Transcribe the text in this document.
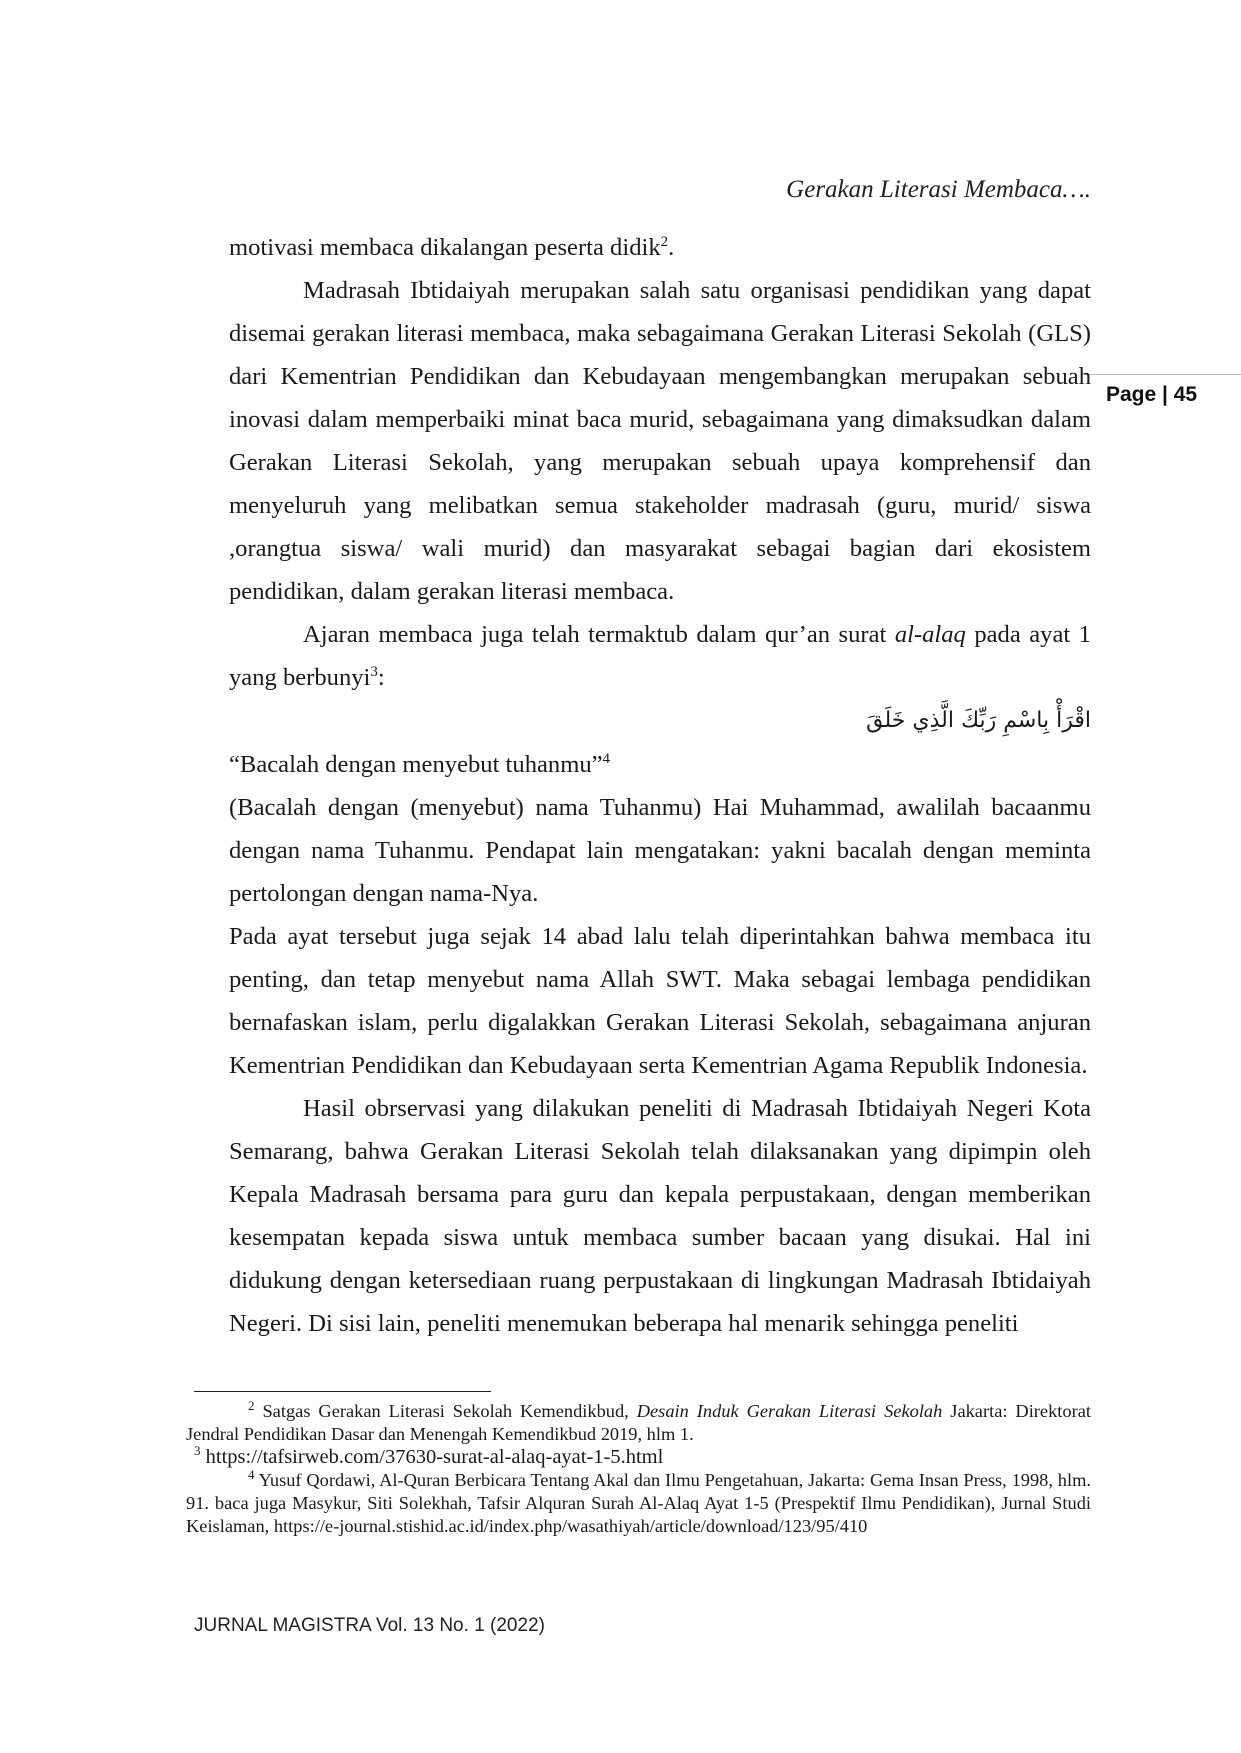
Gerakan Literasi Membaca….
Page | 45

motivasi membaca dikalangan peserta didik$^2$.

Madrasah Ibtidaiyah merupakan salah satu organisasi pendidikan yang dapat disemai gerakan literasi membaca, maka sebagaimana Gerakan Literasi Sekolah (GLS) dari Kementrian Pendidikan dan Kebudayaan mengembangkan merupakan sebuah inovasi dalam memperbaiki minat baca murid, sebagaimana yang dimaksudkan dalam Gerakan Literasi Sekolah, yang merupakan sebuah upaya komprehensif dan menyeluruh yang melibatkan semua stakeholder madrasah (guru, murid/ siswa ,orangtua siswa/ wali murid) dan masyarakat sebagai bagian dari ekosistem pendidikan, dalam gerakan literasi membaca.

Ajaran membaca juga telah termaktub dalam qur’an surat al-alaq pada ayat 1 yang berbunyi$^3$:

اقْرَأْ بِاسْمِ رَبِّكَ الَّذِي خَلَقَ

“Bacalah dengan menyebut tuhanmu”$^4$

(Bacalah dengan (menyebut) nama Tuhanmu) Hai Muhammad, awalilah bacaanmu dengan nama Tuhanmu. Pendapat lain mengatakan: yakni bacalah dengan meminta pertolongan dengan nama-Nya.

Pada ayat tersebut juga sejak 14 abad lalu telah diperintahkan bahwa membaca itu penting, dan tetap menyebut nama Allah SWT. Maka sebagai lembaga pendidikan bernafaskan islam, perlu digalakkan Gerakan Literasi Sekolah, sebagaimana anjuran Kementrian Pendidikan dan Kebudayaan serta Kementrian Agama Republik Indonesia.

Hasil obrservasi yang dilakukan peneliti di Madrasah Ibtidaiyah Negeri Kota Semarang, bahwa Gerakan Literasi Sekolah telah dilaksanakan yang dipimpin oleh Kepala Madrasah bersama para guru dan kepala perpustakaan, dengan memberikan kesempatan kepada siswa untuk membaca sumber bacaan yang disukai. Hal ini didukung dengan ketersediaan ruang perpustakaan di lingkungan Madrasah Ibtidaiyah Negeri. Di sisi lain, peneliti menemukan beberapa hal menarik sehingga peneliti

$^2$ Satgas Gerakan Literasi Sekolah Kemendikbud, Desain Induk Gerakan Literasi Sekolah Jakarta: Direktorat Jendral Pendidikan Dasar dan Menengah Kemendikbud 2019, hlm 1.

$^3$ https://tafsirweb.com/37630-surat-al-alaq-ayat-1-5.html

$^4$ Yusuf Qordawi, Al-Quran Berbicara Tentang Akal dan Ilmu Pengetahuan, Jakarta: Gema Insan Press, 1998, hlm. 91. baca juga Masykur, Siti Solekhah, Tafsir Alquran Surah Al-Alaq Ayat 1-5 (Prespektif Ilmu Pendidikan), Jurnal Studi Keislaman, https://e-journal.stishid.ac.id/index.php/wasathiyah/article/download/123/95/410

JURNAL MAGISTRA Vol. 13 No. 1 (2022)
